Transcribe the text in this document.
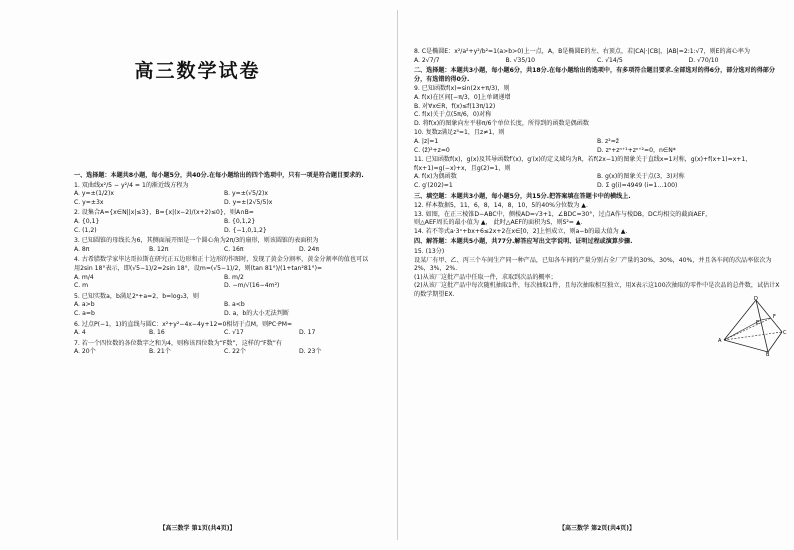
高三数学试卷
一、选择题：本题共8小题，每小题5分，共40分.在每小题给出的四个选项中，只有一项是符合题目要求的.
1. 双曲线x²/5 − y²/4 = 1的渐近线方程为
A. y=±(1/2)x	B. y=±(√5/2)x
C. y=±3x	D. y=±(2√5/5)x
2. 设集合A={x∈N||x|≤3}，B={x|(x−2)/(x+2)≤0}，则A∩B=
A. {0,1}	B. {0,1,2}
C. (1,2)	D. {−1,0,1,2}
3. 已知圆锥的母线长为6，其侧面展开图是一个圆心角为2π/3的扇形，则该圆锥的表面积为
A. 8π	B. 12π	C. 16π	D. 24π
4. 古希腊数学家毕达哥拉斯在研究正五边形和正十边形的作图时，发现了黄金分割率，黄金分割率的值也可以用2sin 18°表示，即(√5−1)/2=2sin 18°，设m=(√5−1)/2，则(tan 81°)/(1+tan²81°)=
A. m/4	B. m/2
C. m	D. −m/√(16−4m²)
5. 已知实数a，b满足2ᵃ+a=2，b=log₂3，则
A. a>b	B. a<b
C. a=b	D. a，b的大小无法判断
6. 过点P(−1，1)的直线与圆C：x²+y²−4x−4y+12=0相切于点M，则PC·PM=
A. 4	B. 16	C. √17	D. 17
7. 若一个四位数的各位数字之和为4，则称该四位数为“F数”，这样的“F数”有
A. 20个	B. 21个	C. 22个	D. 23个
【高三数学 第1页(共4页)】
8. C是椭圆E：x²/a²+y²/b²=1(a>b>0)上一点，A，B是椭圆E的左、右顶点，若|CA|·|CB|，|AB|=2:1:√7，则E的离心率为
A. 2√7/7	B. √35/10	C. √14/5	D. √70/10
二、选择题：本题共3小题，每小题6分，共18分.在每小题给出的选项中，有多项符合题目要求.全部选对的得6分，部分选对的得部分分，有选错的得0分.
9. 已知函数f(x)=sin(2x+π/3)，则
A. f(x)在区间[−π/3，0]上单调递增
B. 对∀x∈R，f(x)≤f(13π/12)
C. f(x)关于点(5π/6，0)对称
D. 将f(x)的图象向左平移π/6个单位长度，所得到的函数是偶函数
10. 复数z满足z³=1，且z≠1，则
A. |z|=1	B. z²=z̄
C. (z̄)²+z=0	D. zⁿ+zⁿ⁺¹+zⁿ⁺²=0，n∈N*
11. 已知函数f(x)，g(x)及其导函数f′(x)，g′(x)的定义域均为R，若f(2x−1)的图象关于直线x=1对称，g(x)+f(x+1)=x+1，f(x+1)=g(−x)+x，且g(2)=1，则
A. f(x)为偶函数	B. g(x)的图象关于点(3，3)对称
C. g′(202)=1	D. Σ g(i)=4949 (i=1…100)
三、填空题：本题共3小题，每小题5分，共15分.把答案填在答题卡中的横线上.
12. 样本数据5，11，6，8，14，8，10，5的40%分位数为 ▲.
13. 如图，在正三棱锥D−ABC中，侧棱AD=√3+1，∠BDC=30°，过点A作与棱DB，DC均相交的截面AEF，则△AEF周长的最小值为 ▲， 此时△AEF的面积为S，则S²= ▲.
14. 若不等式a·3ˣ+bx+6≤2x+2在x∈[0，2]上恒成立，则a−b的最大值为 ▲.
四、解答题：本题共5小题，共77分.解答应写出文字说明、证明过程或演算步骤.
15. (13分)
设某厂有甲、乙、丙三个车间生产同一种产品，已知各车间的产量分别占全厂产量的30%，30%，40%，并且各车间的次品率依次为2%，3%，2%.
(1)从该厂这批产品中任取一件，求取到次品的概率；
(2)从该厂这批产品中每次随机抽取1件，每次抽取1件，且每次抽取相互独立，用X表示这100次抽取的零件中是次品的总件数，试估计X的数学期望EX.
D
A
B
C
E
F
【高三数学 第2页(共4页)】
